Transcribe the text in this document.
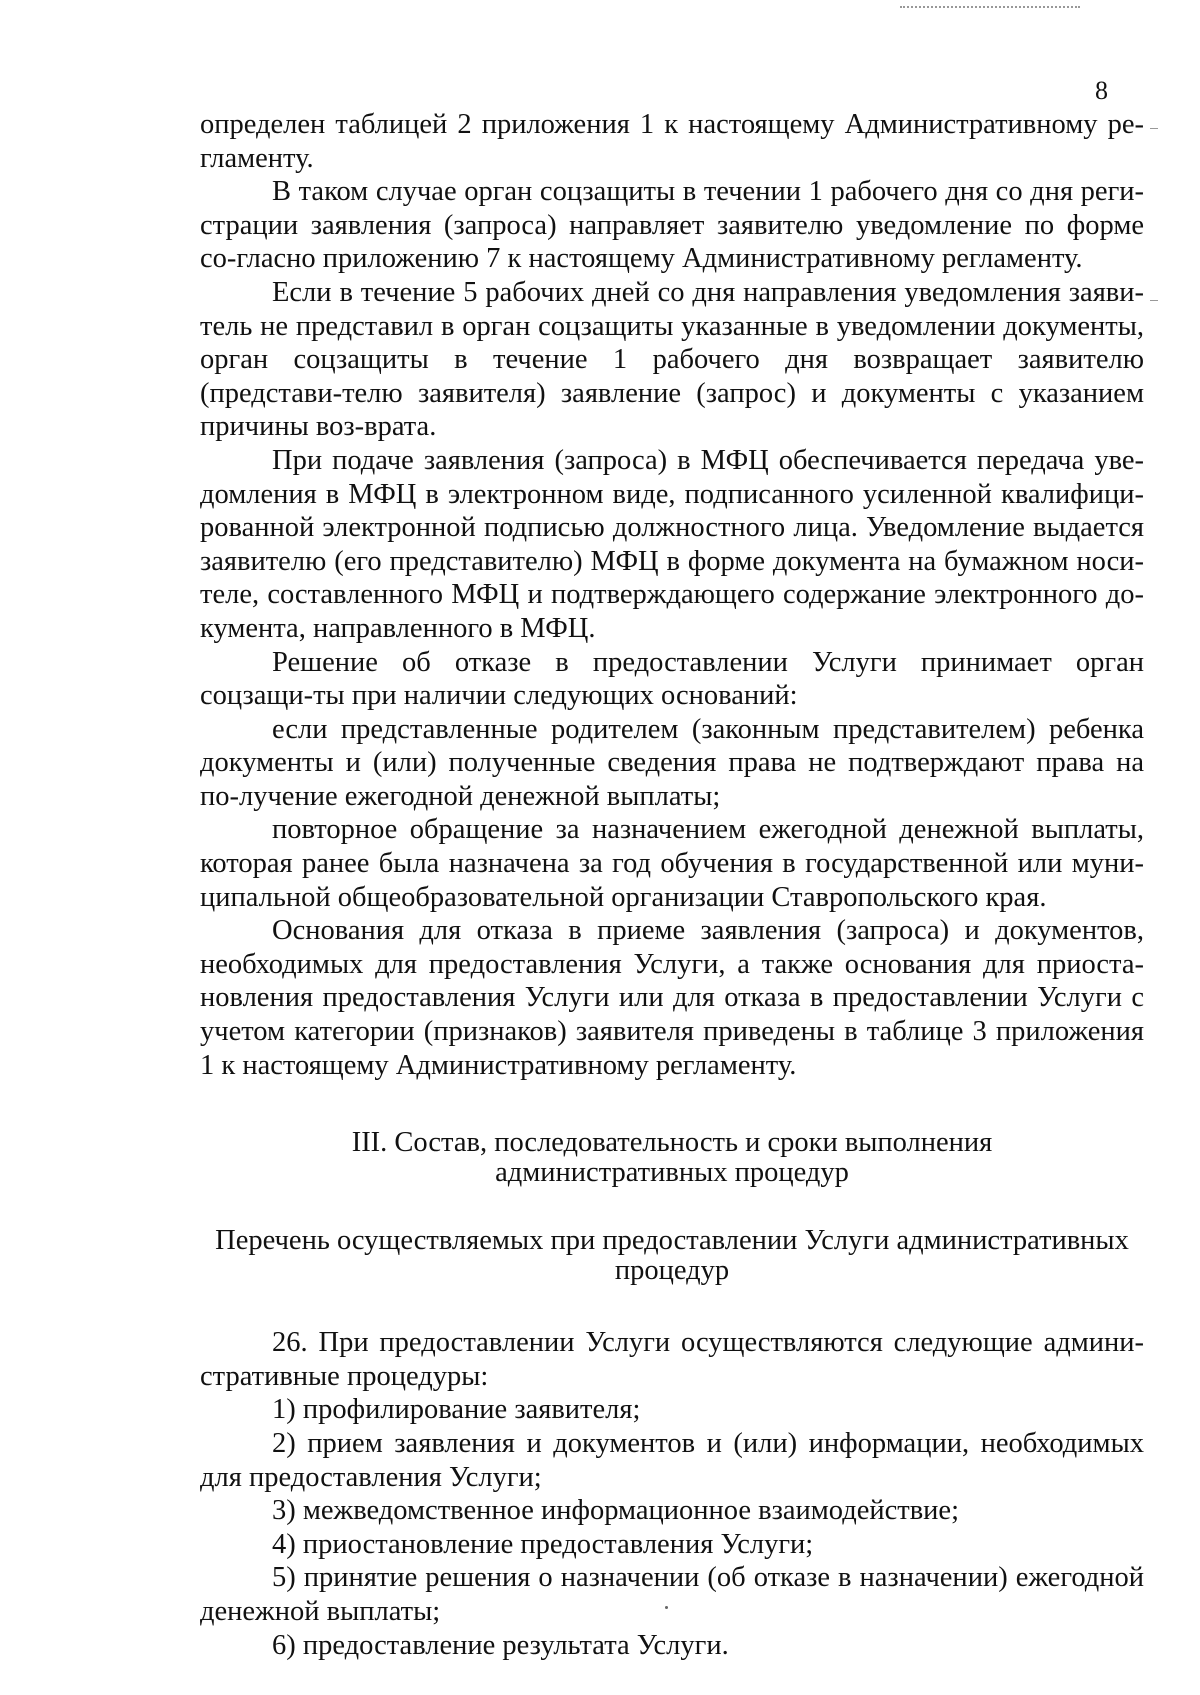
8

определен таблицей 2 приложения 1 к настоящему Административному ре-гламенту.

В таком случае орган соцзащиты в течении 1 рабочего дня со дня реги-страции заявления (запроса) направляет заявителю уведомление по форме со-гласно приложению 7 к настоящему Административному регламенту.

Если в течение 5 рабочих дней со дня направления уведомления заяви-тель не представил в орган соцзащиты указанные в уведомлении документы, орган соцзащиты в течение 1 рабочего дня возвращает заявителю (представи-телю заявителя) заявление (запрос) и документы с указанием причины воз-врата.

При подаче заявления (запроса) в МФЦ обеспечивается передача уве-домления в МФЦ в электронном виде, подписанного усиленной квалифици-рованной электронной подписью должностного лица. Уведомление выдается заявителю (его представителю) МФЦ в форме документа на бумажном носи-теле, составленного МФЦ и подтверждающего содержание электронного до-кумента, направленного в МФЦ.

Решение об отказе в предоставлении Услуги принимает орган соцзащи-ты при наличии следующих оснований:

если представленные родителем (законным представителем) ребенка документы и (или) полученные сведения права не подтверждают права на по-лучение ежегодной денежной выплаты;

повторное обращение за назначением ежегодной денежной выплаты, которая ранее была назначена за год обучения в государственной или муни-ципальной общеобразовательной организации Ставропольского края.

Основания для отказа в приеме заявления (запроса) и документов, необходимых для предоставления Услуги, а также основания для приоста-новления предоставления Услуги или для отказа в предоставлении Услуги с учетом категории (признаков) заявителя приведены в таблице 3 приложения 1 к настоящему Административному регламенту.

III. Состав, последовательность и сроки выполнения
административных процедур
Перечень осуществляемых при предоставлении Услуги административных
процедур

26. При предоставлении Услуги осуществляются следующие админи-стративные процедуры:

1) профилирование заявителя;

2) прием заявления и документов и (или) информации, необходимых для предоставления Услуги;

3) межведомственное информационное взаимодействие;

4) приостановление предоставления Услуги;

5) принятие решения о назначении (об отказе в назначении) ежегодной денежной выплаты;

6) предоставление результата Услуги.
